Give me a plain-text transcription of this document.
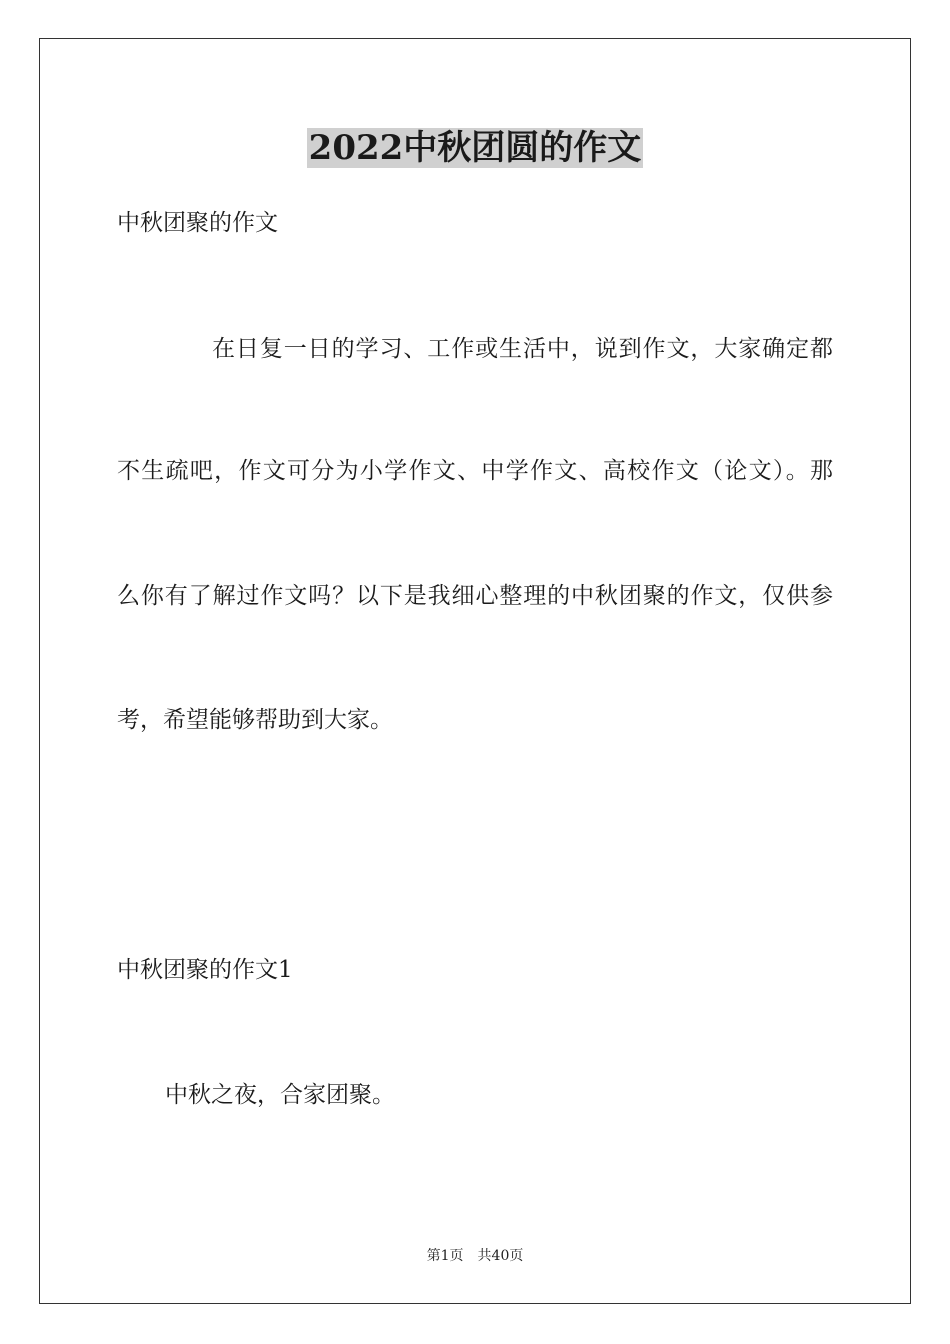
2022中秋团圆的作文
中秋团聚的作文
在日复一日的学习、工作或生活中，说到作文，大家确定都
不生疏吧，作文可分为小学作文、中学作文、高校作文（论文）。那
么你有了解过作文吗？以下是我细心整理的中秋团聚的作文，仅供参
考，希望能够帮助到大家。
中秋团聚的作文1
中秋之夜，合家团聚。
第1页　共40页
